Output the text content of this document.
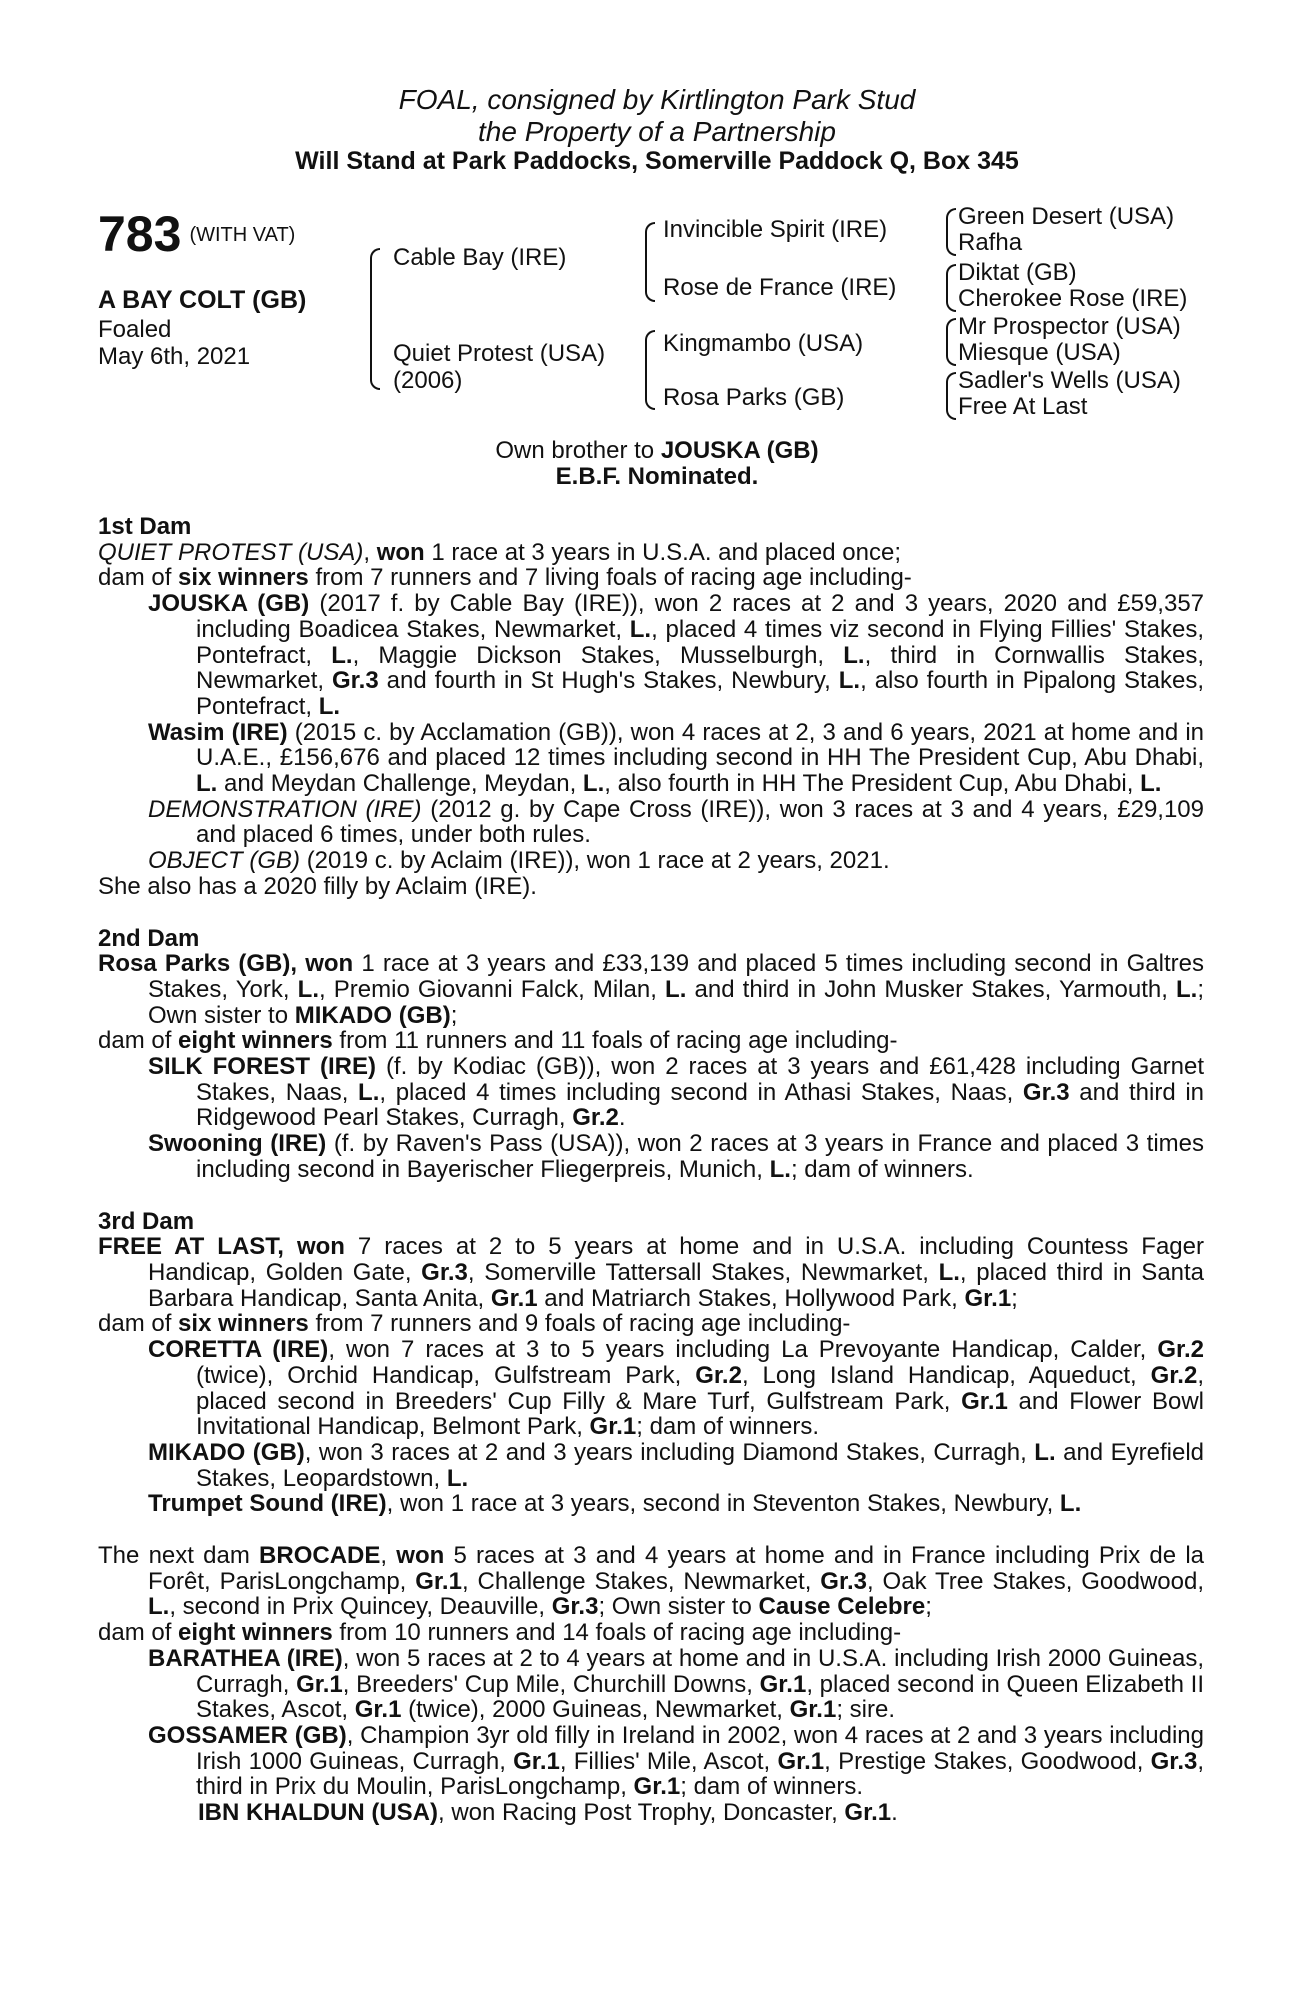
FOAL, consigned by Kirtlington Park Stud
the Property of a Partnership
Will Stand at Park Paddocks, Somerville Paddock Q, Box 345
783 $^{(WITH VAT)}$
A BAY COLT (GB)
Foaled
May 6th, 2021
Cable Bay (IRE)
Quiet Protest (USA)
(2006)
Invincible Spirit (IRE)
Rose de France (IRE)
Kingmambo (USA)
Rosa Parks (GB)
Green Desert (USA)
Rafha
Diktat (GB)
Cherokee Rose (IRE)
Mr Prospector (USA)
Miesque (USA)
Sadler's Wells (USA)
Free At Last
Own brother to JOUSKA (GB)
E.B.F. Nominated.
1st Dam
QUIET PROTEST (USA), won 1 race at 3 years in U.S.A. and placed once;
dam of six winners from 7 runners and 7 living foals of racing age including-
JOUSKA (GB) (2017 f. by Cable Bay (IRE)), won 2 races at 2 and 3 years, 2020 and £59,357 including Boadicea Stakes, Newmarket, L., placed 4 times viz second in Flying Fillies' Stakes, Pontefract, L., Maggie Dickson Stakes, Musselburgh, L., third in Cornwallis Stakes, Newmarket, Gr.3 and fourth in St Hugh's Stakes, Newbury, L., also fourth in Pipalong Stakes, Pontefract, L.
Wasim (IRE) (2015 c. by Acclamation (GB)), won 4 races at 2, 3 and 6 years, 2021 at home and in U.A.E., £156,676 and placed 12 times including second in HH The President Cup, Abu Dhabi, L. and Meydan Challenge, Meydan, L., also fourth in HH The President Cup, Abu Dhabi, L.
DEMONSTRATION (IRE) (2012 g. by Cape Cross (IRE)), won 3 races at 3 and 4 years, £29,109 and placed 6 times, under both rules.
OBJECT (GB) (2019 c. by Aclaim (IRE)), won 1 race at 2 years, 2021.
She also has a 2020 filly by Aclaim (IRE).
2nd Dam
Rosa Parks (GB), won 1 race at 3 years and £33,139 and placed 5 times including second in Galtres Stakes, York, L., Premio Giovanni Falck, Milan, L. and third in John Musker Stakes, Yarmouth, L.; Own sister to MIKADO (GB);
dam of eight winners from 11 runners and 11 foals of racing age including-
SILK FOREST (IRE) (f. by Kodiac (GB)), won 2 races at 3 years and £61,428 including Garnet Stakes, Naas, L., placed 4 times including second in Athasi Stakes, Naas, Gr.3 and third in Ridgewood Pearl Stakes, Curragh, Gr.2.
Swooning (IRE) (f. by Raven's Pass (USA)), won 2 races at 3 years in France and placed 3 times including second in Bayerischer Fliegerpreis, Munich, L.; dam of winners.
3rd Dam
FREE AT LAST, won 7 races at 2 to 5 years at home and in U.S.A. including Countess Fager Handicap, Golden Gate, Gr.3, Somerville Tattersall Stakes, Newmarket, L., placed third in Santa Barbara Handicap, Santa Anita, Gr.1 and Matriarch Stakes, Hollywood Park, Gr.1;
dam of six winners from 7 runners and 9 foals of racing age including-
CORETTA (IRE), won 7 races at 3 to 5 years including La Prevoyante Handicap, Calder, Gr.2 (twice), Orchid Handicap, Gulfstream Park, Gr.2, Long Island Handicap, Aqueduct, Gr.2, placed second in Breeders' Cup Filly & Mare Turf, Gulfstream Park, Gr.1 and Flower Bowl Invitational Handicap, Belmont Park, Gr.1; dam of winners.
MIKADO (GB), won 3 races at 2 and 3 years including Diamond Stakes, Curragh, L. and Eyrefield Stakes, Leopardstown, L.
Trumpet Sound (IRE), won 1 race at 3 years, second in Steventon Stakes, Newbury, L.
The next dam BROCADE, won 5 races at 3 and 4 years at home and in France including Prix de la Forêt, ParisLongchamp, Gr.1, Challenge Stakes, Newmarket, Gr.3, Oak Tree Stakes, Goodwood, L., second in Prix Quincey, Deauville, Gr.3; Own sister to Cause Celebre;
dam of eight winners from 10 runners and 14 foals of racing age including-
BARATHEA (IRE), won 5 races at 2 to 4 years at home and in U.S.A. including Irish 2000 Guineas, Curragh, Gr.1, Breeders' Cup Mile, Churchill Downs, Gr.1, placed second in Queen Elizabeth II Stakes, Ascot, Gr.1 (twice), 2000 Guineas, Newmarket, Gr.1; sire.
GOSSAMER (GB), Champion 3yr old filly in Ireland in 2002, won 4 races at 2 and 3 years including Irish 1000 Guineas, Curragh, Gr.1, Fillies' Mile, Ascot, Gr.1, Prestige Stakes, Goodwood, Gr.3, third in Prix du Moulin, ParisLongchamp, Gr.1; dam of winners.
IBN KHALDUN (USA), won Racing Post Trophy, Doncaster, Gr.1.
